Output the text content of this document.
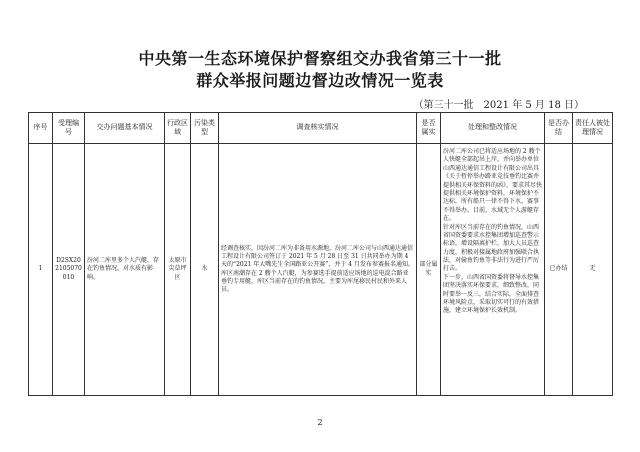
中央第一生态环境保护督察组交办我省第三十一批
群众举报问题边督边改情况一览表
（第三十一批　2021 年 5 月 18 日）
序号	受理编号	交办问题基本情况	行政区域	污染类型	调查核实情况	是否属实	处理和整改情况	是否办结	责任人被处理情况
1	D2SX202105070010	汾河二库里多个人汽艇，存在钓鱼情况，对水质有影响。	太原市尖草坪区	水	经调查核实，因汾河二库为非备用水源地，汾河二库公司与山西通达通信工程设计有限公司签订于 2021 年 5 月 28 日至 31 日共同举办为期 4 天的“2021 年大嘴先生全国路亚公开赛”，并于 4 月发布参赛报名通知。库区南潮存在 2 艘个人汽艇，为参赛选手提前适应场地的巡电混合路亚垂钓专用艇，库区当前存在的钓鱼情况，主要为库尾移民村民和外来人员。	部分属实	汾河二库公司已将适应场地的 2 艘个人快艇全部起吊上岸，并向举办单位山西通达通信工程设计有限公司出具《关于暂停举办路亚竞技垂钓比赛并提供相关环保资料的函》，要求其尽快提供相关环境保护资料，环境保护不达标，所有船只一律不得下水，赛事不得举办。目前，水域无个人游艇存在。
针对库区当前存在的钓鱼情况，山西省国资委要求水控集团增加巡查警示标语，增设隔离护栏，加大人员巡查力度，积极对接属地政府加强联合执法，对偷鱼钓鱼等非法行为进行严厉打击。
下一步，山西省国资委将督导水控集团坚决落实环保要求，细致整改，同时要举一反三，结合实际，全面排查环境风险点，采取切实可行的有效措施，建立环境保护长效机制。	已办结	无
2
